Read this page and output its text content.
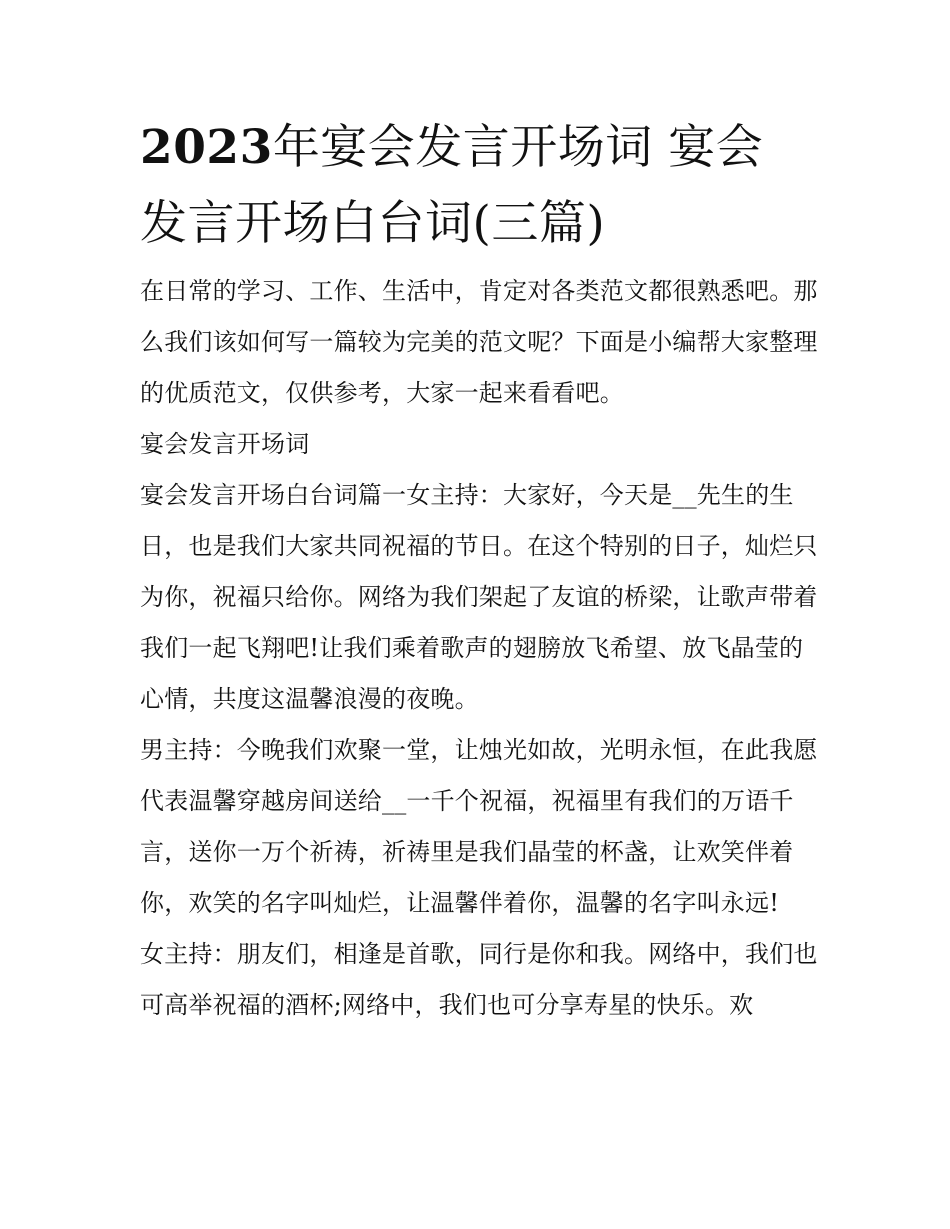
2023年宴会发言开场词 宴会
发言开场白台词(三篇)

在日常的学习、工作、生活中，肯定对各类范文都很熟悉吧。那么我们该如何写一篇较为完美的范文呢？下面是小编帮大家整理的优质范文，仅供参考，大家一起来看看吧。

宴会发言开场词

宴会发言开场白台词篇一女主持：大家好，今天是__先生的生日，也是我们大家共同祝福的节日。在这个特别的日子，灿烂只为你，祝福只给你。网络为我们架起了友谊的桥梁，让歌声带着我们一起飞翔吧!让我们乘着歌声的翅膀放飞希望、放飞晶莹的心情，共度这温馨浪漫的夜晚。

男主持：今晚我们欢聚一堂，让烛光如故，光明永恒，在此我愿代表温馨穿越房间送给__一千个祝福，祝福里有我们的万语千言，送你一万个祈祷，祈祷里是我们晶莹的杯盏，让欢笑伴着你，欢笑的名字叫灿烂，让温馨伴着你，温馨的名字叫永远!

女主持：朋友们，相逢是首歌，同行是你和我。网络中，我们也可高举祝福的酒杯;网络中，我们也可分享寿星的快乐。欢
